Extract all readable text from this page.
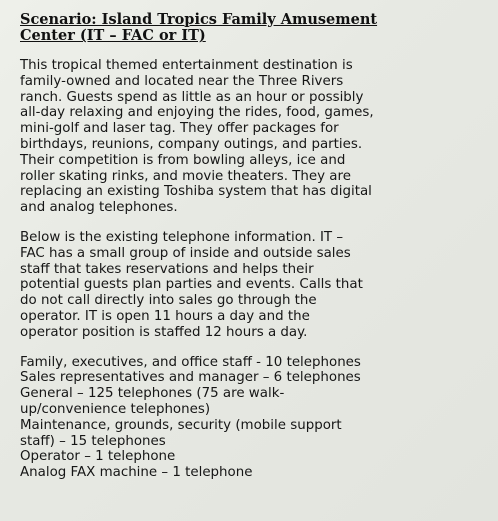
Scenario: Island Tropics Family Amusement
Center (IT – FAC or IT)
This tropical themed entertainment destination is
family-owned and located near the Three Rivers
ranch. Guests spend as little as an hour or possibly
all-day relaxing and enjoying the rides, food, games,
mini-golf and laser tag. They offer packages for
birthdays, reunions, company outings, and parties.
Their competition is from bowling alleys, ice and
roller skating rinks, and movie theaters. They are
replacing an existing Toshiba system that has digital
and analog telephones.
Below is the existing telephone information. IT –
FAC has a small group of inside and outside sales
staff that takes reservations and helps their
potential guests plan parties and events. Calls that
do not call directly into sales go through the
operator. IT is open 11 hours a day and the
operator position is staffed 12 hours a day.
Family, executives, and office staff - 10 telephones
Sales representatives and manager – 6 telephones
General – 125 telephones (75 are walk-
up/convenience telephones)
Maintenance, grounds, security (mobile support
staff) – 15 telephones
Operator – 1 telephone
Analog FAX machine – 1 telephone
